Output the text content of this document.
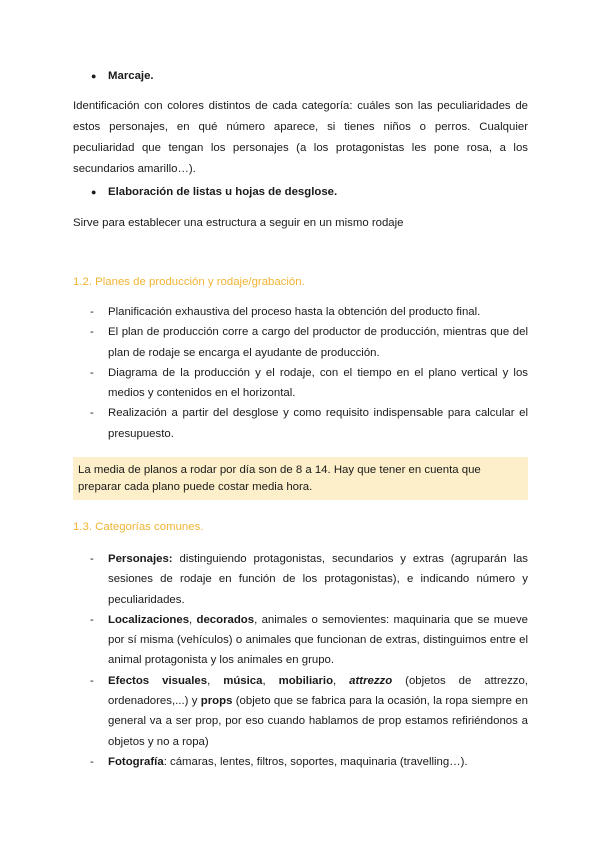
●	Marcaje.
Identificación con colores distintos de cada categoría: cuáles son las peculiaridades de estos personajes, en qué número aparece, si tienes niños o perros. Cualquier peculiaridad que tengan los personajes (a los protagonistas les pone rosa, a los secundarios amarillo…).
●	Elaboración de listas u hojas de desglose.
Sirve para establecer una estructura a seguir en un mismo rodaje
1.2. Planes de producción y rodaje/grabación.
- Planificación exhaustiva del proceso hasta la obtención del producto final.
- El plan de producción corre a cargo del productor de producción, mientras que del plan de rodaje se encarga el ayudante de producción.
- Diagrama de la producción y el rodaje, con el tiempo en el plano vertical y los medios y contenidos en el horizontal.
- Realización a partir del desglose y como requisito indispensable para calcular el presupuesto.
La media de planos a rodar por día son de 8 a 14. Hay que tener en cuenta que preparar cada plano puede costar media hora.
1.3. Categorías comunes.
- Personajes: distinguiendo protagonistas, secundarios y extras (agruparán las sesiones de rodaje en función de los protagonistas), e indicando número y peculiaridades.
- Localizaciones, decorados, animales o semovientes: maquinaria que se mueve por sí misma (vehículos) o animales que funcionan de extras, distinguimos entre el animal protagonista y los animales en grupo.
- Efectos visuales, música, mobiliario, attrezzo (objetos de attrezzo, ordenadores,...) y props (objeto que se fabrica para la ocasión, la ropa siempre en general va a ser prop, por eso cuando hablamos de prop estamos refiriéndonos a objetos y no a ropa)
- Fotografía: cámaras, lentes, filtros, soportes, maquinaria (travelling…).
